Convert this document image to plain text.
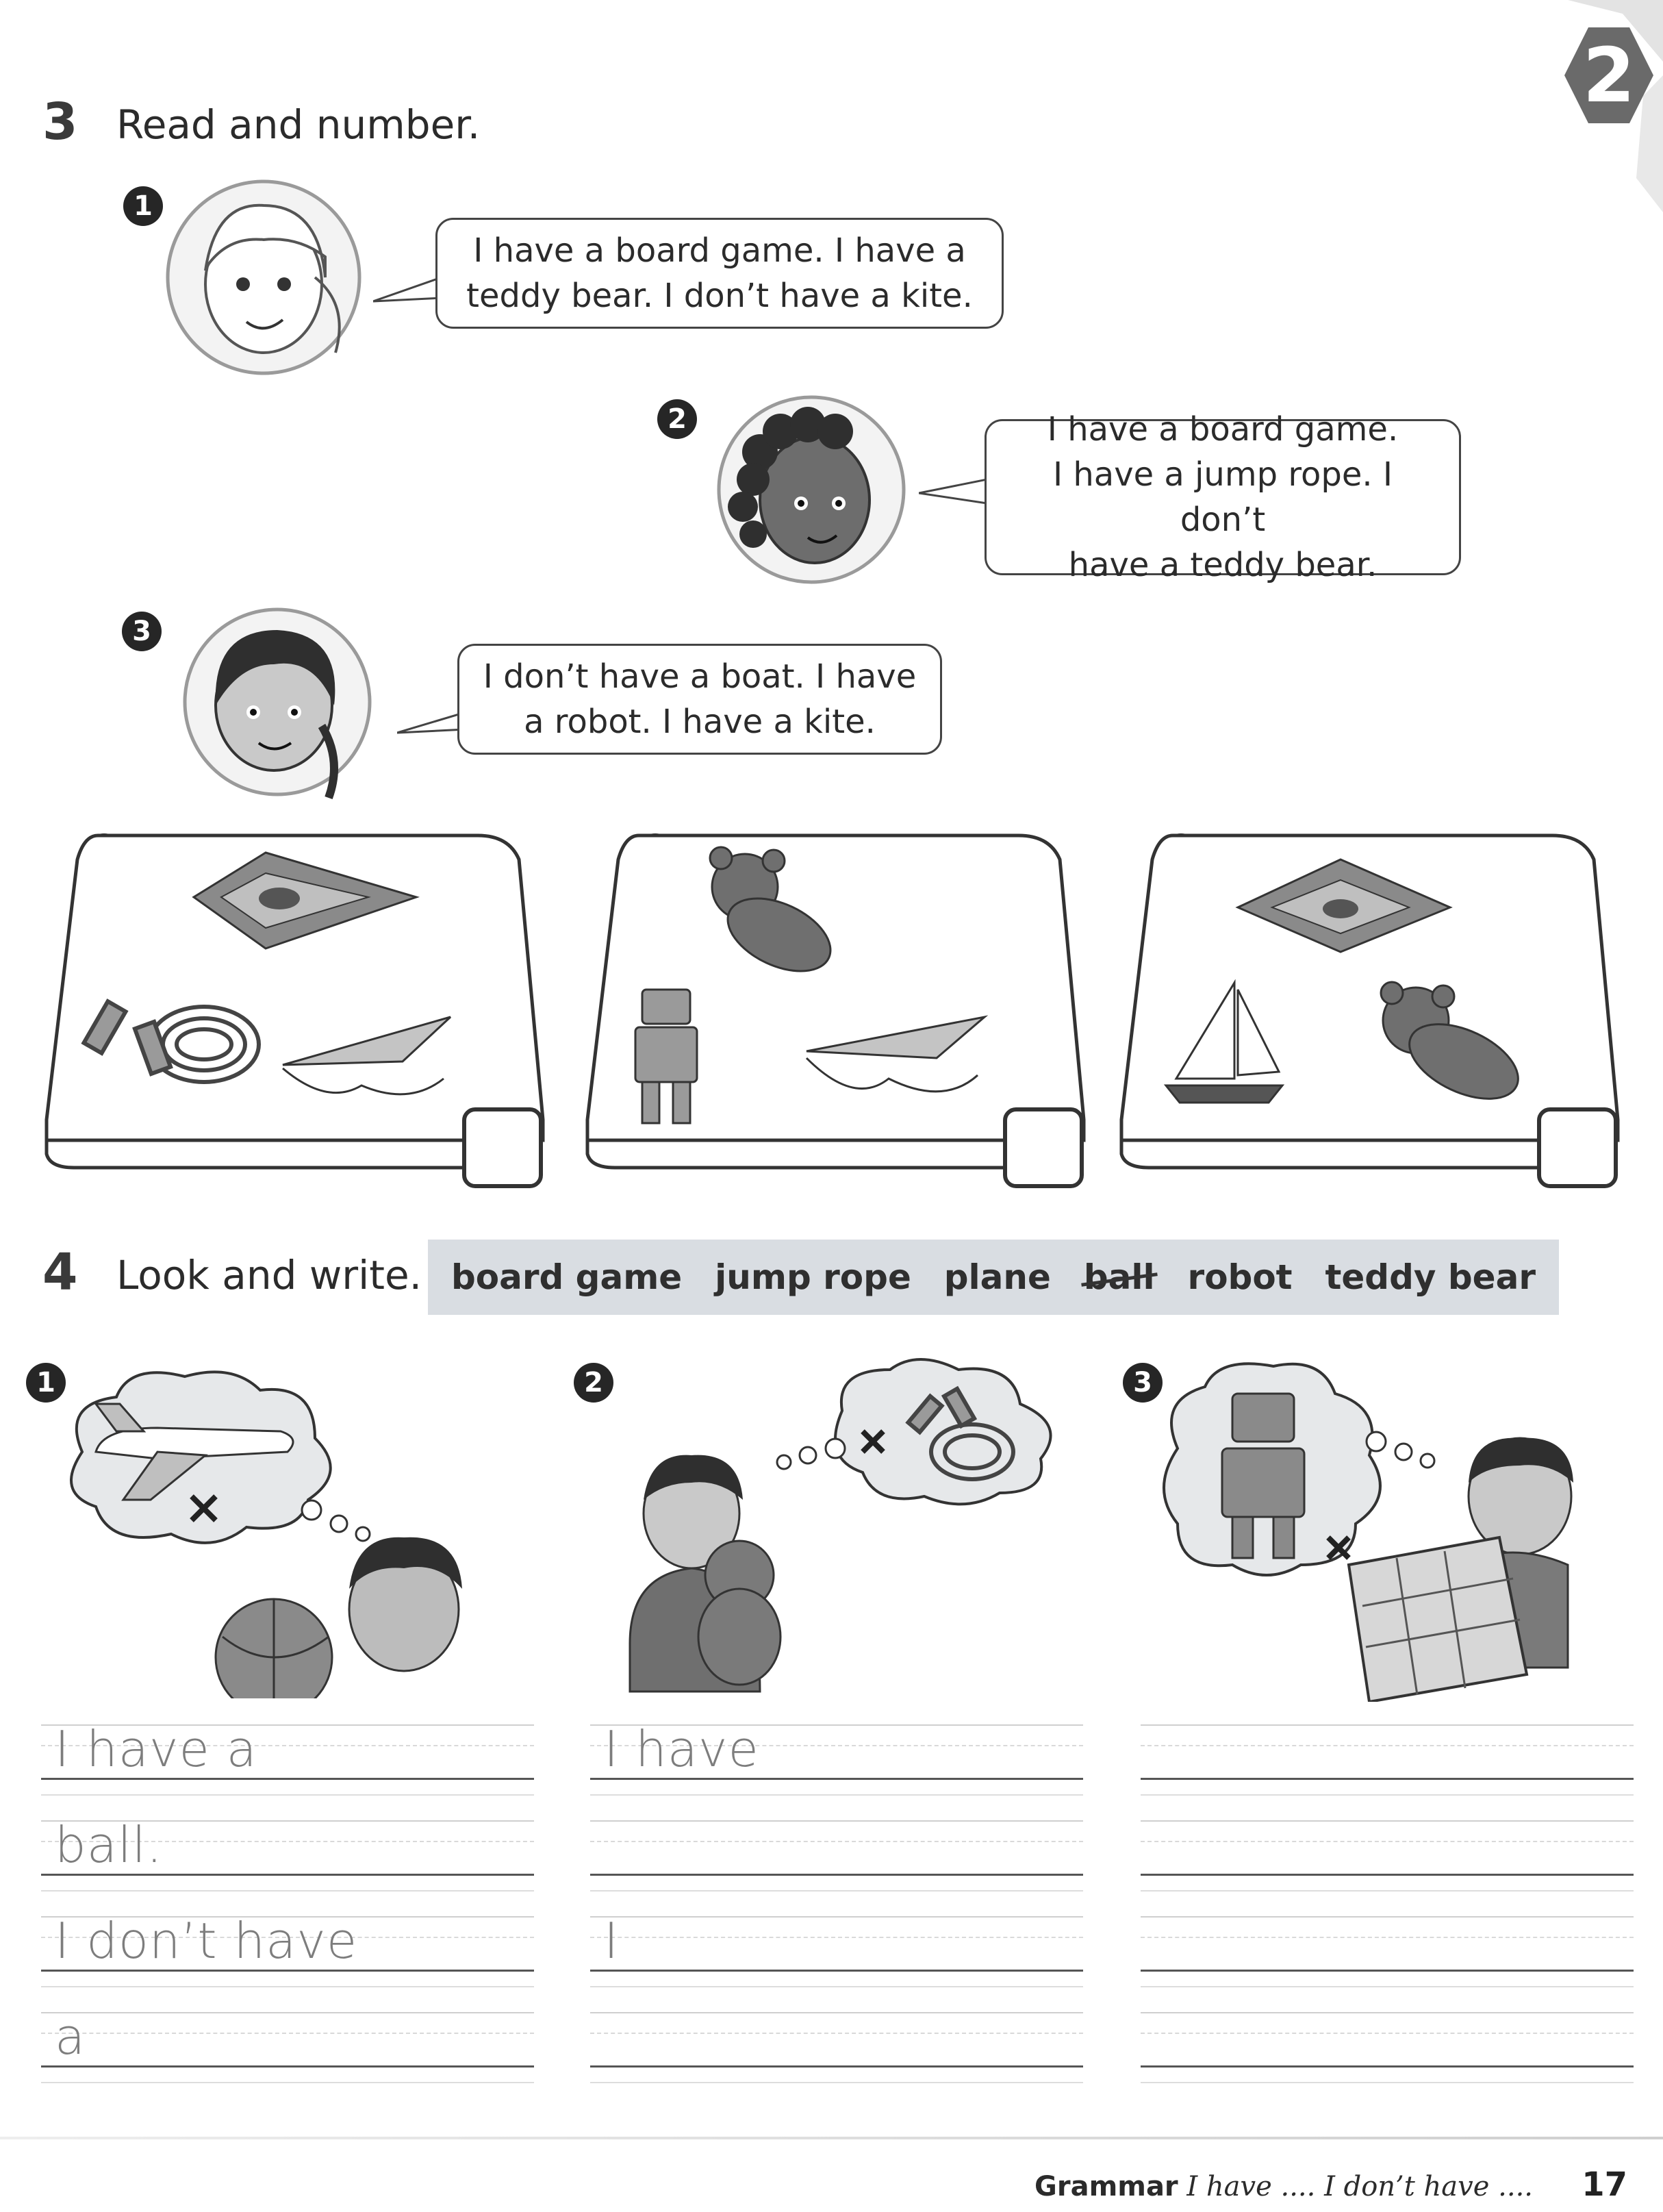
2
3 Read and number.
1
I have a board game. I have a
teddy bear. I don’t have a kite.
2	I have a board game.
I have a jump rope. I don’t
have a teddy bear.
3
I don’t have a boat. I have
a robot. I have a kite.
4 Look and write. board game jump rope plane ball robot teddy bear
1	2	3
I have a
ball.
I don’t have
a
I have
I
Grammar I have .... I don’t have .... 17
